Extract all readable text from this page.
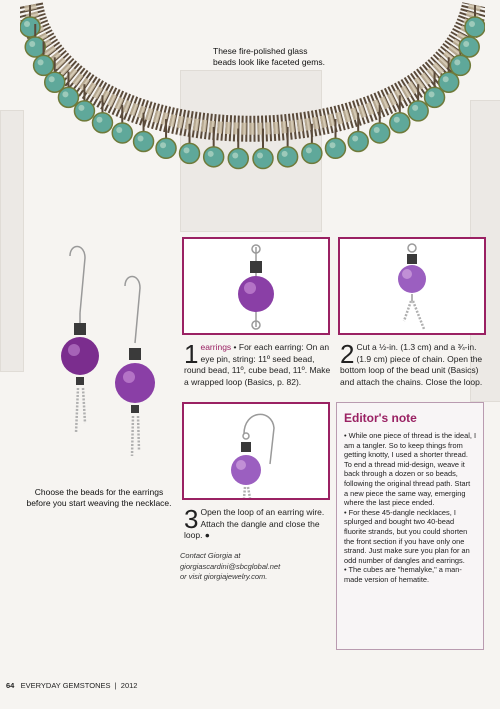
These fire-polished glass beads look like faceted gems.
Choose the beads for the earrings before you start weaving the necklace.
1 earrings • For each earring: On an eye pin, string: 11º seed bead, round bead, 11º, cube bead, 11º. Make a wrapped loop (Basics, p. 82).
2 Cut a ½-in. (1.3 cm) and a ¾-in. (1.9 cm) piece of chain. Open the bottom loop of the bead unit (Basics) and attach the chains. Close the loop.
3 Open the loop of an earring wire. Attach the dangle and close the loop. ●
Contact Giorgia at
giorgiascardini@sbcglobal.net
or visit giorgiajewelry.com.
Editor's note

• While one piece of thread is the ideal, I am a tangler. So to keep things from getting knotty, I used a shorter thread. To end a thread mid-design, weave it back through a dozen or so beads, following the original thread path. Start a new piece the same way, emerging where the last piece ended.

• For these 45-dangle necklaces, I splurged and bought two 40-bead fluorite strands, but you could shorten the front section if you have only one strand. Just make sure you plan for an odd number of dangles and earrings.

• The cubes are "hemalyke," a man-made version of hematite.

64 EVERYDAY GEMSTONES  |  2012
